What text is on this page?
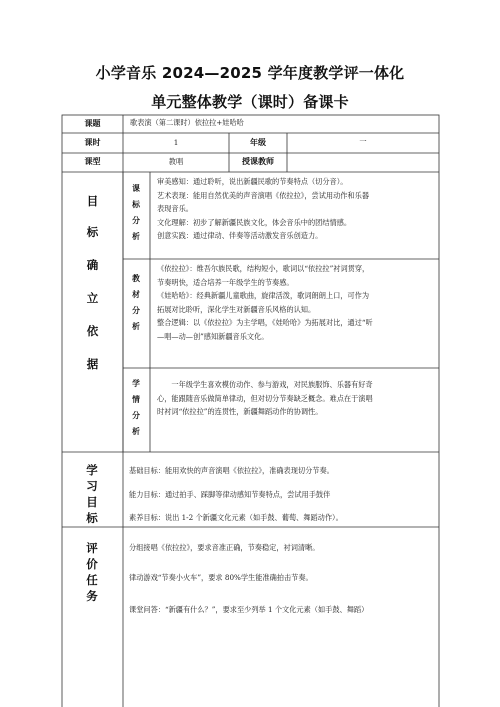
小学音乐 2024—2025 学年度教学评一体化
单元整体教学（课时）备课卡
课题	歌表演（第二课时）依拉拉+娃哈哈
课时	1	年级	一
课型	教唱	授课教师
目
标
确
立
依
据
课
标
分
析
审美感知：通过聆听，说出新疆民歌的节奏特点（切分音）。
艺术表现：能用自然优美的声音演唱《依拉拉》，尝试用动作和乐器
表现音乐。
文化理解：初步了解新疆民族文化，体会音乐中的团结情感。
创意实践：通过律动、伴奏等活动激发音乐创造力。
教
材
分
析
《依拉拉》：维吾尔族民歌，结构短小，歌词以“依拉拉”衬词贯穿，
节奏明快，适合培养一年级学生的节奏感。
《娃哈哈》：经典新疆儿童歌曲，旋律活泼，歌词朗朗上口，可作为
拓展对比聆听，深化学生对新疆音乐风格的认知。
整合逻辑：以《依拉拉》为主学唱，《娃哈哈》为拓展对比，通过“听
—唱—动—创”感知新疆音乐文化。
学
情
分
析
一年级学生喜欢模仿动作、参与游戏，对民族服饰、乐器有好奇
心，能跟随音乐做简单律动，但对切分节奏缺乏概念。难点在于演唱
时衬词“依拉拉”的连贯性，新疆舞蹈动作的协调性。
学
习
目
标
基础目标：能用欢快的声音演唱《依拉拉》，准确表现切分节奏。
能力目标：通过拍手、踩脚等律动感知节奏特点，尝试用手鼓伴
素养目标：说出 1-2 个新疆文化元素（如手鼓、葡萄、舞蹈动作）。
评
价
任
务
分组接唱《依拉拉》，要求音准正确，节奏稳定，衬词清晰。
律动游戏“节奏小火车”，要求 80%学生能准确拍击节奏。
课堂问答：“新疆有什么？”，要求至少列举 1 个文化元素（如手鼓、舞蹈）
